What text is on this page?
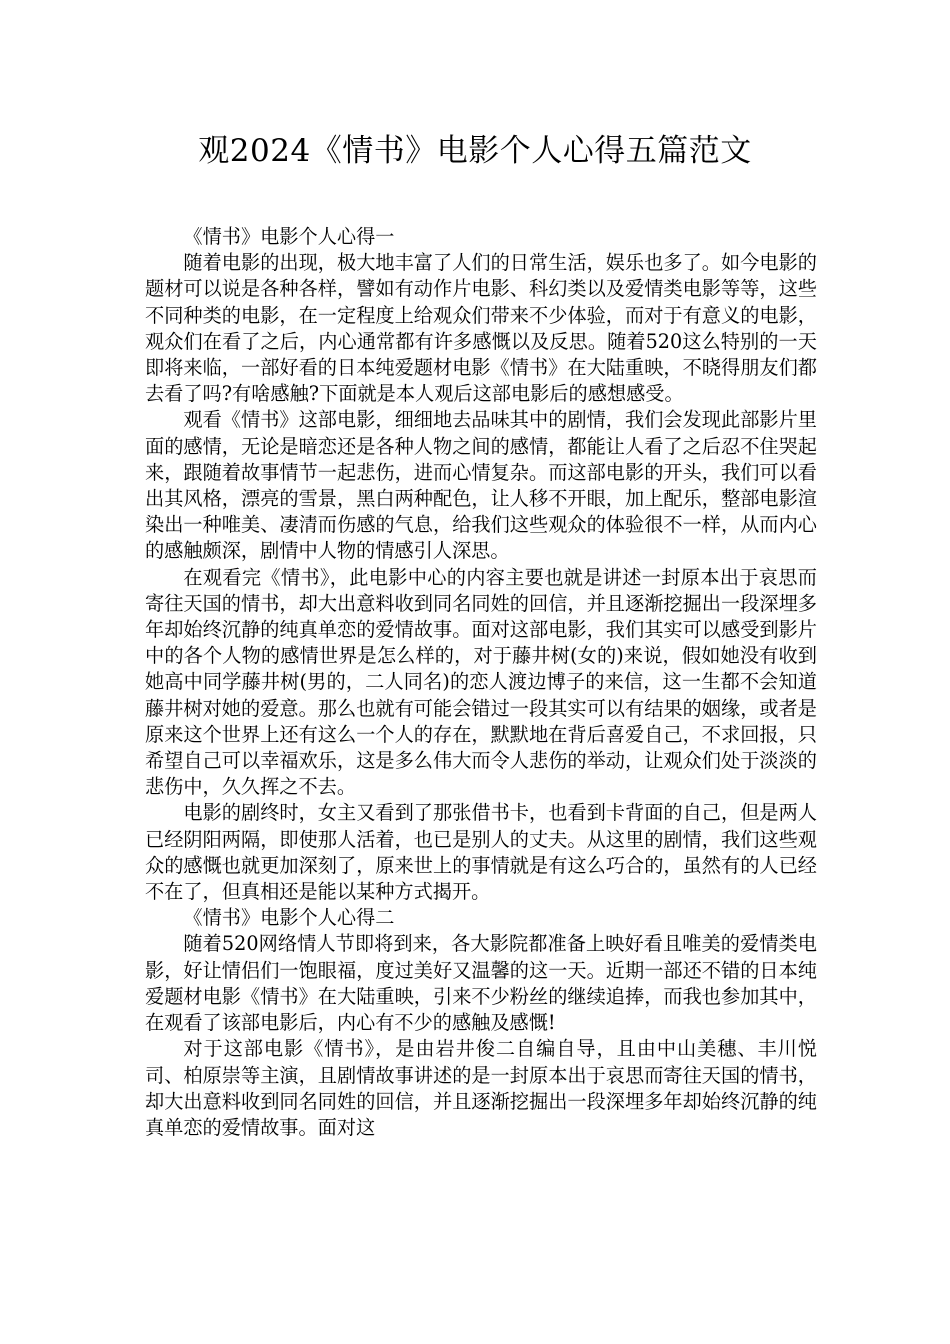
观2024《情书》电影个人心得五篇范文
《情书》电影个人心得一

随着电影的出现，极大地丰富了人们的日常生活，娱乐也多了。如今电影的题材可以说是各种各样，譬如有动作片电影、科幻类以及爱情类电影等等，这些不同种类的电影，在一定程度上给观众们带来不少体验，而对于有意义的电影，观众们在看了之后，内心通常都有许多感慨以及反思。随着520这么特别的一天即将来临，一部好看的日本纯爱题材电影《情书》在大陆重映，不晓得朋友们都去看了吗?有啥感触?下面就是本人观后这部电影后的感想感受。

观看《情书》这部电影，细细地去品味其中的剧情，我们会发现此部影片里面的感情，无论是暗恋还是各种人物之间的感情，都能让人看了之后忍不住哭起来，跟随着故事情节一起悲伤，进而心情复杂。而这部电影的开头，我们可以看出其风格，漂亮的雪景，黑白两种配色，让人移不开眼，加上配乐，整部电影渲染出一种唯美、凄清而伤感的气息，给我们这些观众的体验很不一样，从而内心的感触颇深，剧情中人物的情感引人深思。

在观看完《情书》，此电影中心的内容主要也就是讲述一封原本出于哀思而寄往天国的情书，却大出意料收到同名同姓的回信，并且逐渐挖掘出一段深埋多年却始终沉静的纯真单恋的爱情故事。面对这部电影，我们其实可以感受到影片中的各个人物的感情世界是怎么样的，对于藤井树(女的)来说，假如她没有收到她高中同学藤井树(男的，二人同名)的恋人渡边博子的来信，这一生都不会知道藤井树对她的爱意。那么也就有可能会错过一段其实可以有结果的姻缘，或者是原来这个世界上还有这么一个人的存在，默默地在背后喜爱自己，不求回报，只希望自己可以幸福欢乐，这是多么伟大而令人悲伤的举动，让观众们处于淡淡的悲伤中，久久挥之不去。

电影的剧终时，女主又看到了那张借书卡，也看到卡背面的自己，但是两人已经阴阳两隔，即使那人活着，也已是别人的丈夫。从这里的剧情，我们这些观众的感慨也就更加深刻了，原来世上的事情就是有这么巧合的，虽然有的人已经不在了，但真相还是能以某种方式揭开。

《情书》电影个人心得二

随着520网络情人节即将到来，各大影院都准备上映好看且唯美的爱情类电影，好让情侣们一饱眼福，度过美好又温馨的这一天。近期一部还不错的日本纯爱题材电影《情书》在大陆重映，引来不少粉丝的继续追捧，而我也参加其中，在观看了该部电影后，内心有不少的感触及感慨!

对于这部电影《情书》，是由岩井俊二自编自导，且由中山美穗、丰川悦司、柏原崇等主演，且剧情故事讲述的是一封原本出于哀思而寄往天国的情书，却大出意料收到同名同姓的回信，并且逐渐挖掘出一段深埋多年却始终沉静的纯真单恋的爱情故事。面对这
